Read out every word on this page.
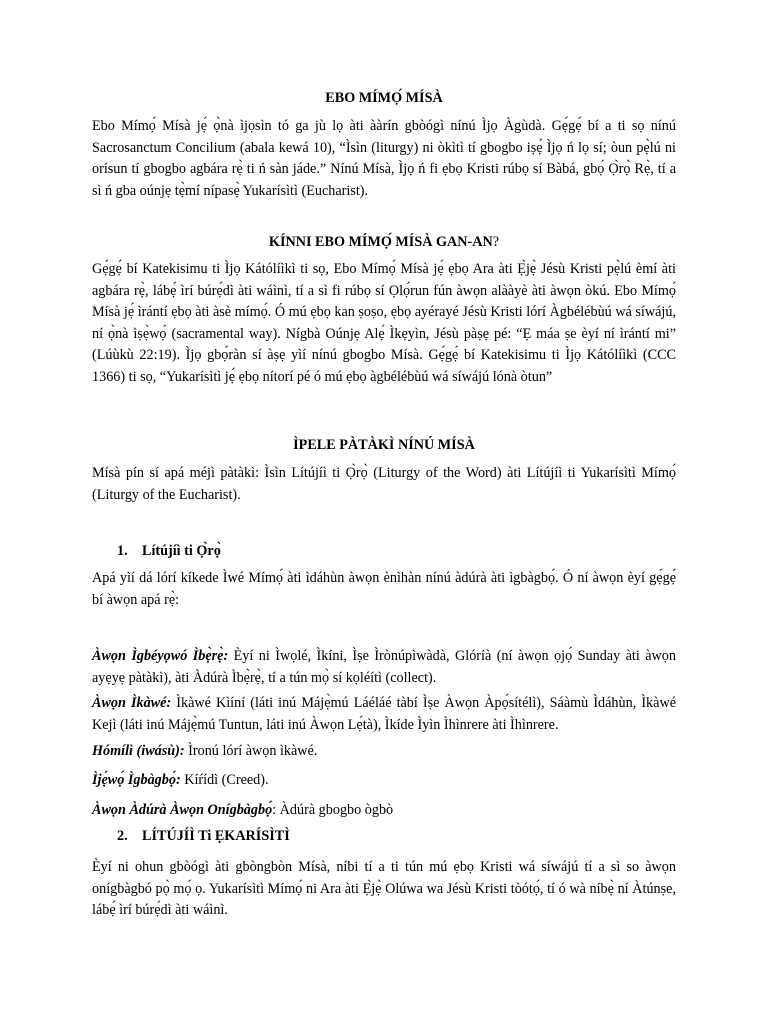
EBO MÍMỌ́ MÍSÀ

Ebo Mímọ́ Mísà jẹ́ ọ̀nà ìjọsìn tó ga jù lọ àti ààrín gbòógì nínú Ìjọ Àgùdà. Gẹ́gẹ́ bí a ti sọ nínú Sacrosanctum Concilium (abala kewá 10), “Ìsìn (liturgy) ni òkìtì tí gbogbo iṣẹ́ Ìjọ ń lọ sí; òun pẹ̀lú ni orísun tí gbogbo agbára rẹ̀ ti ń sàn jáde.” Nínú Mísà, Ìjọ ń fi ẹbọ Kristi rúbọ sí Bàbá, gbọ́ Ọ̀rọ̀ Rẹ̀, tí a sì ń gba oúnjẹ tẹ̀mí nípasẹ̀ Yukarísìtì (Eucharist).

KÍNNI EBO MÍMỌ́ MÍSÀ GAN-AN?

Gẹ́gẹ́ bí Katekisimu ti Ìjọ Kátólíìkì ti sọ, Ebo Mímọ́ Mísà jẹ́ ẹbọ Ara àti Ẹ̀jẹ̀ Jésù Kristi pẹ̀lú èmí àti agbára rẹ̀, lábẹ́ ìrí búrẹ́dì àti wáìnì, tí a sì fi rúbọ sí Ọlọ́run fún àwọn alààyè àti àwọn òkú. Ebo Mímọ́ Mísà jẹ́ ìrántí ẹbọ àti àsè mímọ́. Ó mú ẹbọ kan ṣoṣo, ẹbọ ayérayé Jésù Kristi lórí Àgbélébùú wá síwájú, ní ọ̀nà ìṣẹ̀wọ́ (sacramental way). Nígbà Oúnjẹ Alẹ́ Ìkẹyìn, Jésù pàṣẹ pé: “Ẹ máa ṣe èyí ní ìrántí mi” (Lúùkù 22:19). Ìjọ gbọ́ràn sí àṣẹ yìí nínú gbogbo Mísà. Gẹ́gẹ́ bí Katekisimu ti Ìjọ Kátólíìkì (CCC 1366) ti sọ, “Yukarísìtì jẹ́ ẹbọ nítorí pé ó mú ẹbọ àgbélébùú wá síwájú lónà òtun”

ÌPELE PÀTÀKÌ NÍNÚ MÍSÀ

Mísà pín sí apá méjì pàtàkì: Ìsìn Lítújíì ti Ọ̀rọ̀ (Liturgy of the Word) àti Lítújíì ti Yukarísìtì Mímọ́ (Liturgy of the Eucharist).

1. Lítújíì ti Ọ̀rọ̀

Apá yìí dá lórí kíkede Ìwé Mímọ́ àti ìdáhùn àwọn ènìhàn nínú àdúrà àti ìgbàgbọ́. Ó ní àwọn èyí gẹ́gẹ́ bí àwọn apá rẹ̀:

Àwọn Ìgbéyọwó Ìbẹ̀rẹ̀: Èyí ni Ìwọlé, Ìkíni, Ìṣe Ìrònúpìwàdà, Glóríà (ní àwọn ọjọ́ Sunday àti àwọn ayẹyẹ pàtàkì), àti Àdúrà Ìbẹ̀rẹ̀, tí a tún mọ̀ sí kọléítì (collect).

Àwọn Ìkàwé: Ìkàwé Kìíní (láti inú Májẹ̀mú Láéláé tàbí Ìṣe Àwọn Àpọ́sítélì), Sáàmù Ìdáhùn, Ìkàwé Kejì (láti inú Májẹ̀mú Tuntun, láti inú Àwọn Lẹ́tà), Ìkíde Ìyìn Ìhìnrere àti Ìhìnrere.

Hómílì (iwásù): Ìronú lórí àwọn ìkàwé.

Ìjẹ́wọ́ Ìgbàgbọ́: Kíŕídì (Creed).

Àwọn Àdúrà Àwọn Onígbàgbọ́: Àdúrà gbogbo ògbò

2. LÍTÚJÍÌ Ti ẸKARÍSÌTÌ

Èyí ni ohun gbòógì àti gbòngbòn Mísà, níbi tí a ti tún mú ẹbọ Kristi wá síwájú tí a sì so àwọn onígbàgbó pọ̀ mọ́ ọ. Yukarísìtì Mímọ́ ni Ara àti Ẹ̀jẹ̀ Olúwa wa Jésù Kristi tòótọ́, tí ó wà níbẹ̀ ní Àtúnṣe, lábẹ́ ìrí búrẹ́dì àti wáìnì.
